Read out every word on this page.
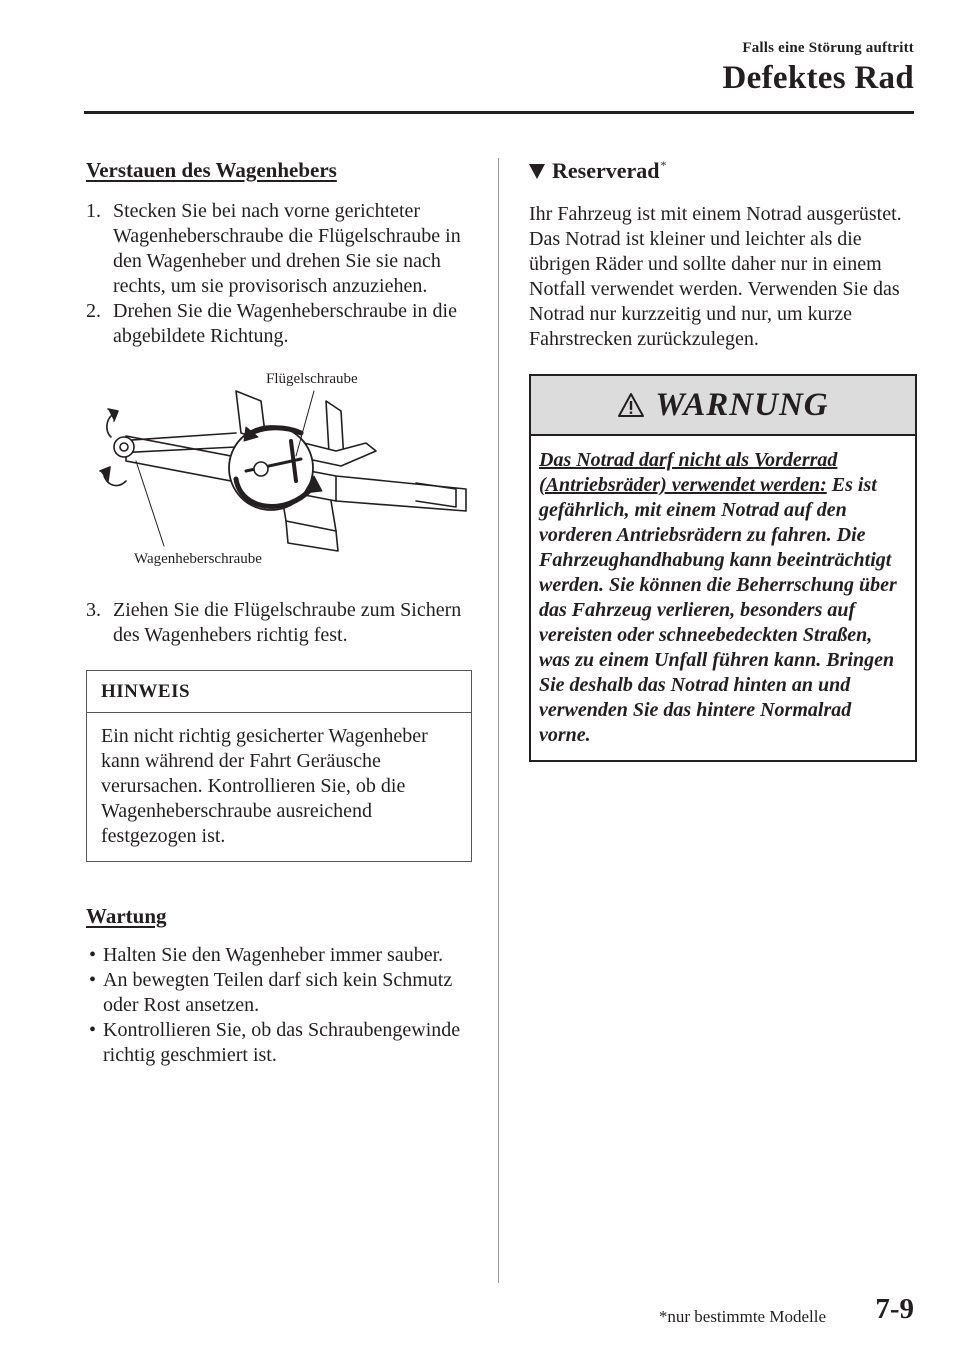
Falls eine Störung auftritt
Defektes Rad
Verstauen des Wagenhebers
1. Stecken Sie bei nach vorne gerichteter Wagenheberschraube die Flügelschraube in den Wagenheber und drehen Sie sie nach rechts, um sie provisorisch anzuziehen.
2. Drehen Sie die Wagenheberschraube in die abgebildete Richtung.
Flügelschraube
Wagenheberschraube
3. Ziehen Sie die Flügelschraube zum Sichern des Wagenhebers richtig fest.
HINWEIS
Ein nicht richtig gesicherter Wagenheber kann während der Fahrt Geräusche verursachen. Kontrollieren Sie, ob die Wagenheberschraube ausreichend festgezogen ist.
Wartung
• Halten Sie den Wagenheber immer sauber.
• An bewegten Teilen darf sich kein Schmutz oder Rost ansetzen.
• Kontrollieren Sie, ob das Schraubengewinde richtig geschmiert ist.
Reserverad*
Ihr Fahrzeug ist mit einem Notrad ausgerüstet. Das Notrad ist kleiner und leichter als die übrigen Räder und sollte daher nur in einem Notfall verwendet werden. Verwenden Sie das Notrad nur kurzzeitig und nur, um kurze Fahrstrecken zurückzulegen.
WARNUNG
Das Notrad darf nicht als Vorderrad (Antriebsräder) verwendet werden: Es ist gefährlich, mit einem Notrad auf den vorderen Antriebsrädern zu fahren. Die Fahrzeughandhabung kann beeinträchtigt werden. Sie können die Beherrschung über das Fahrzeug verlieren, besonders auf vereisten oder schneebedeckten Straßen, was zu einem Unfall führen kann. Bringen Sie deshalb das Notrad hinten an und verwenden Sie das hintere Normalrad vorne.
*nur bestimmte Modelle 7-9
